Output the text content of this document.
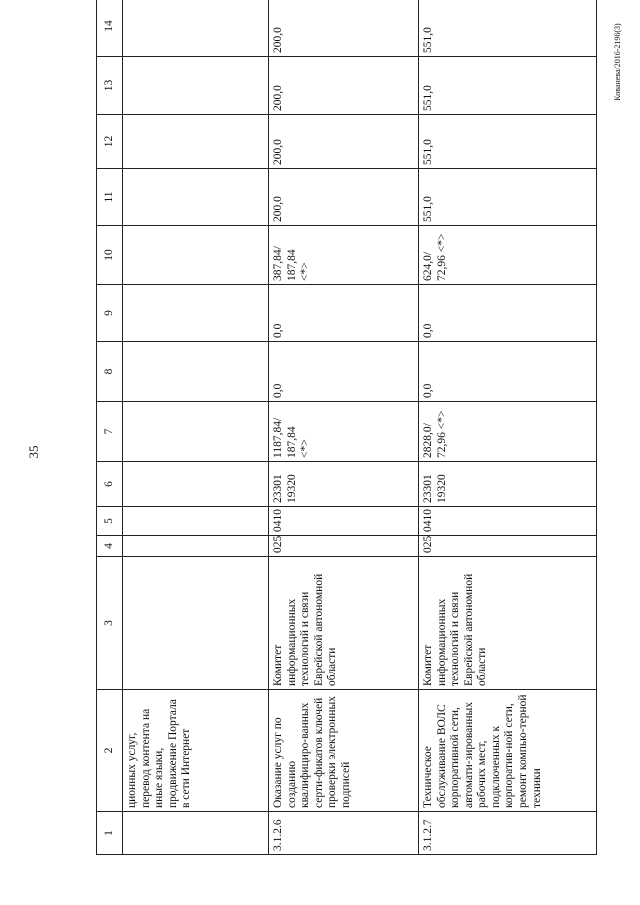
35
Кованева/2016-2196(3)
1	2	3	4	5	6	7	8	9	10	11	12	13	14
	ционных услуг, перевод контента на иные языки, продвижение Портала в сети Интернет												
3.1.2.6	Оказание услуг по созданию квалифициро-ванных серти-фикатов ключей проверки электронных подписей	Комитет информационных технологий и связи Еврейской автономной области	025	0410	23301 19320	1187,84/ 187,84 <*>	0,0	0,0	387,84/ 187,84 <*>	200,0	200,0	200,0	200,0
3.1.2.7	Техническое обслуживание ВОЛС корпоративной сети, автомати-зированных рабочих мест, подключенных к корпоратив-ной сети, ремонт компью-терной техники	Комитет информационных технологий и связи Еврейской автономной области	025	0410	23301 19320	2828,0/ 72,96 <*>	0,0	0,0	624,0/ 72,96 <*>	551,0	551,0	551,0	551,0
